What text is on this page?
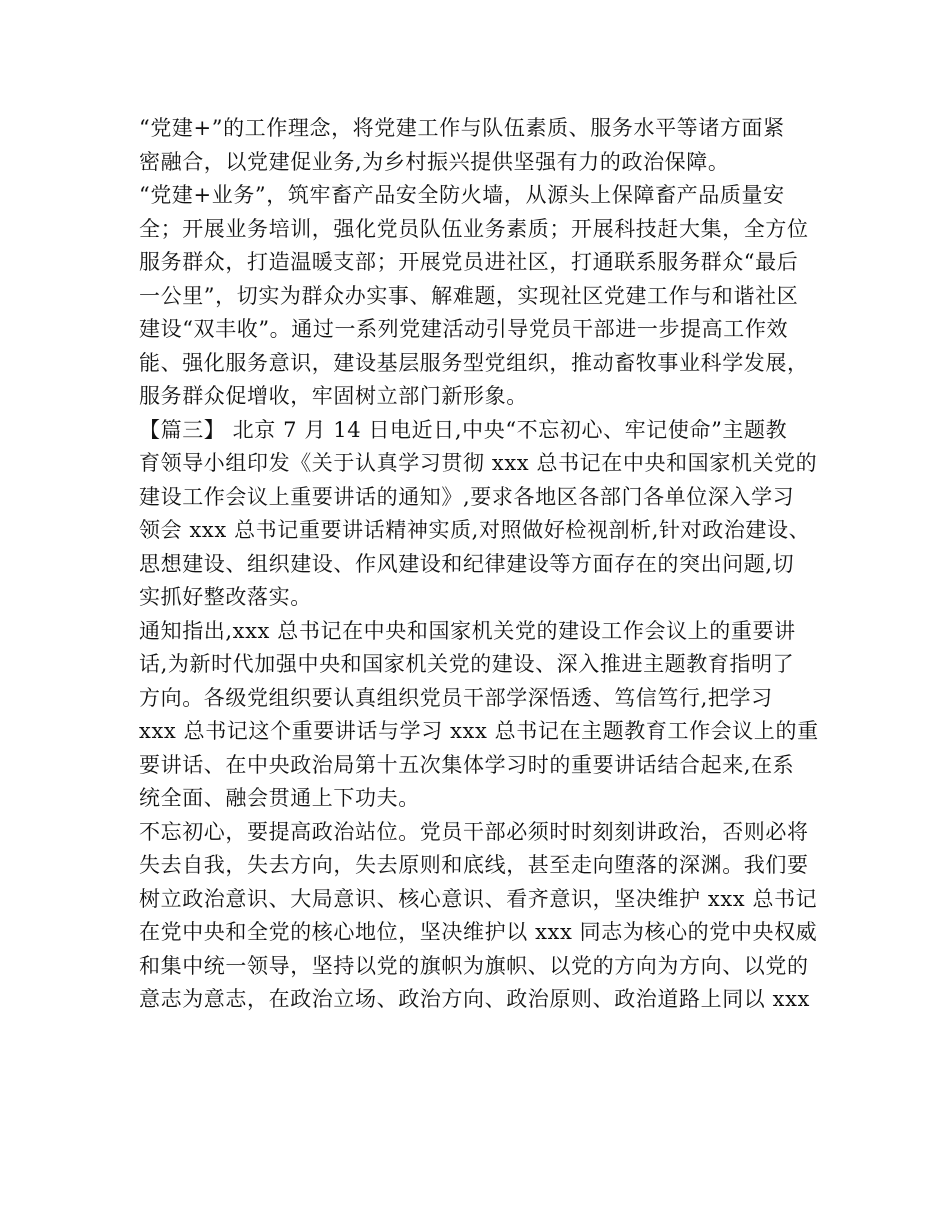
“党建+”的工作理念，将党建工作与队伍素质、服务水平等诸方面紧
密融合，以党建促业务,为乡村振兴提供坚强有力的政治保障。
“党建+业务”，筑牢畜产品安全防火墙，从源头上保障畜产品质量安
全；开展业务培训，强化党员队伍业务素质；开展科技赶大集，全方位
服务群众，打造温暖支部；开展党员进社区，打通联系服务群众“最后
一公里”，切实为群众办实事、解难题，实现社区党建工作与和谐社区
建设“双丰收”。通过一系列党建活动引导党员干部进一步提高工作效
能、强化服务意识，建设基层服务型党组织，推动畜牧事业科学发展，
服务群众促增收，牢固树立部门新形象。
【篇三】 北京 7 月 14 日电近日,中央“不忘初心、牢记使命”主题教
育领导小组印发《关于认真学习贯彻 xxx 总书记在中央和国家机关党的
建设工作会议上重要讲话的通知》,要求各地区各部门各单位深入学习
领会 xxx 总书记重要讲话精神实质,对照做好检视剖析,针对政治建设、
思想建设、组织建设、作风建设和纪律建设等方面存在的突出问题,切
实抓好整改落实。
通知指出,xxx 总书记在中央和国家机关党的建设工作会议上的重要讲
话,为新时代加强中央和国家机关党的建设、深入推进主题教育指明了
方向。各级党组织要认真组织党员干部学深悟透、笃信笃行,把学习
xxx 总书记这个重要讲话与学习 xxx 总书记在主题教育工作会议上的重
要讲话、在中央政治局第十五次集体学习时的重要讲话结合起来,在系
统全面、融会贯通上下功夫。
不忘初心，要提高政治站位。党员干部必须时时刻刻讲政治，否则必将
失去自我，失去方向，失去原则和底线，甚至走向堕落的深渊。我们要
树立政治意识、大局意识、核心意识、看齐意识，坚决维护 xxx 总书记
在党中央和全党的核心地位，坚决维护以 xxx 同志为核心的党中央权威
和集中统一领导，坚持以党的旗帜为旗帜、以党的方向为方向、以党的
意志为意志，在政治立场、政治方向、政治原则、政治道路上同以 xxx
